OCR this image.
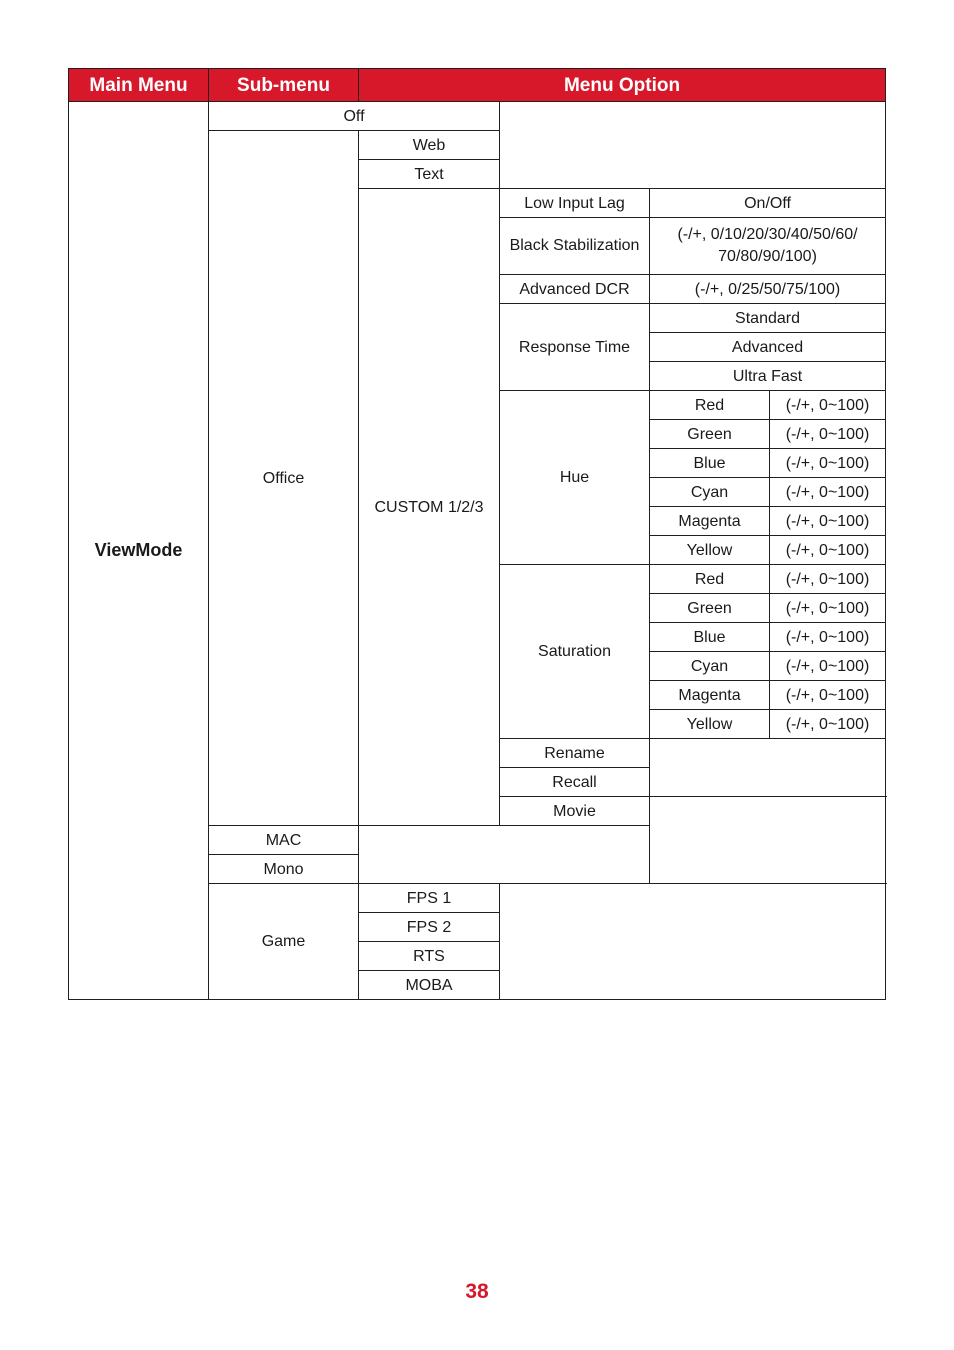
Main Menu	Sub-menu	Menu Option			
ViewMode	Off				
	Office	Web			
		Text			
		CUSTOM 1/2/3	Low Input Lag	On/Off	
			Black Stabilization	(-/+, 0/10/20/30/40/50/60/ 70/80/90/100)	
			Advanced DCR	(-/+, 0/25/50/75/100)	
			Response Time	Standard	
				Advanced	
				Ultra Fast	
			Hue	Red	(-/+, 0~100)
				Green	(-/+, 0~100)
				Blue	(-/+, 0~100)
				Cyan	(-/+, 0~100)
				Magenta	(-/+, 0~100)
				Yellow	(-/+, 0~100)
			Saturation	Red	(-/+, 0~100)
				Green	(-/+, 0~100)
				Blue	(-/+, 0~100)
				Cyan	(-/+, 0~100)
				Magenta	(-/+, 0~100)
				Yellow	(-/+, 0~100)
			Rename		
			Recall		
			Movie		
	MAC				
	Mono				
	Game	FPS 1			
		FPS 2			
		RTS			
		MOBA			
38
